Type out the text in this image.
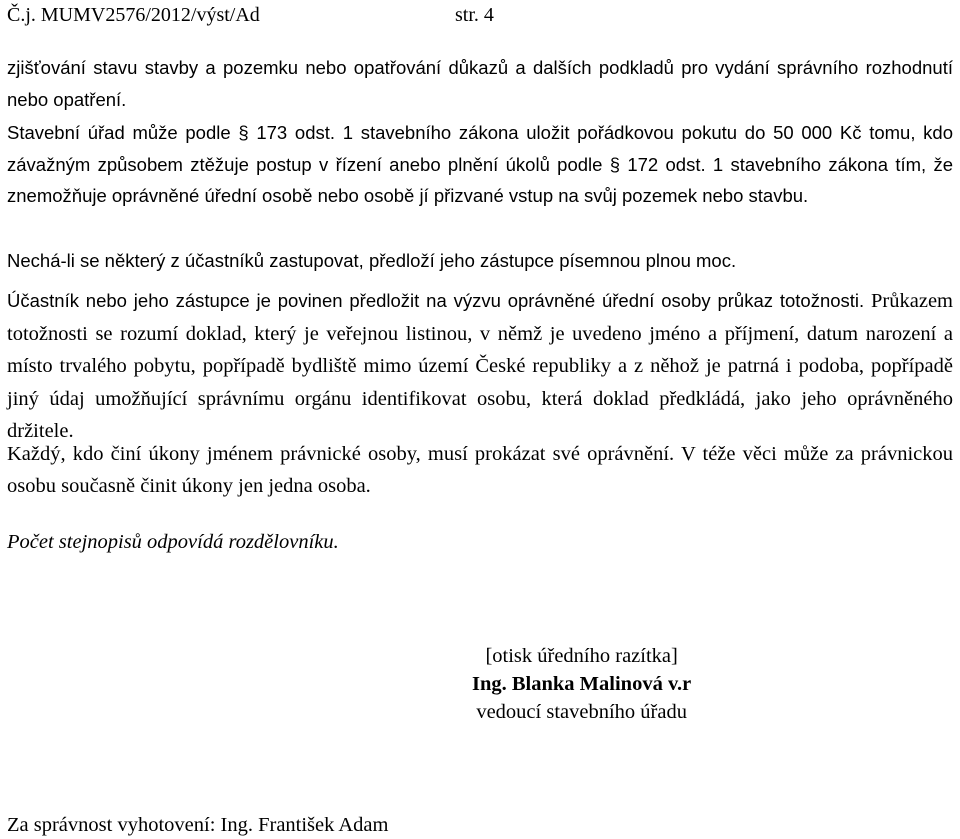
Č.j. MUMV2576/2012/výst/Ad	str. 4

zjišťování stavu stavby a pozemku nebo opatřování důkazů a dalších podkladů pro vydání správního rozhodnutí nebo opatření.

Stavební úřad může podle § 173 odst. 1 stavebního zákona uložit pořádkovou pokutu do 50 000 Kč tomu, kdo závažným způsobem ztěžuje postup v řízení anebo plnění úkolů podle § 172 odst. 1 stavebního zákona tím, že znemožňuje oprávněné úřední osobě nebo osobě jí přizvané vstup na svůj pozemek nebo stavbu.

Nechá-li se některý z účastníků zastupovat, předloží jeho zástupce písemnou plnou moc.

Účastník nebo jeho zástupce je povinen předložit na výzvu oprávněné úřední osoby průkaz totožnosti. Průkazem totožnosti se rozumí doklad, který je veřejnou listinou, v němž je uvedeno jméno a příjmení, datum narození a místo trvalého pobytu, popřípadě bydliště mimo území České republiky a z něhož je patrná i podoba, popřípadě jiný údaj umožňující správnímu orgánu identifikovat osobu, která doklad předkládá, jako jeho oprávněného držitele.

Každý, kdo činí úkony jménem právnické osoby, musí prokázat své oprávnění. V téže věci může za právnickou osobu současně činit úkony jen jedna osoba.

Počet stejnopisů odpovídá rozdělovníku.

[otisk úředního razítka]
Ing. Blanka Malinová v.r
vedoucí stavebního úřadu
Za správnost vyhotovení: Ing. František Adam
